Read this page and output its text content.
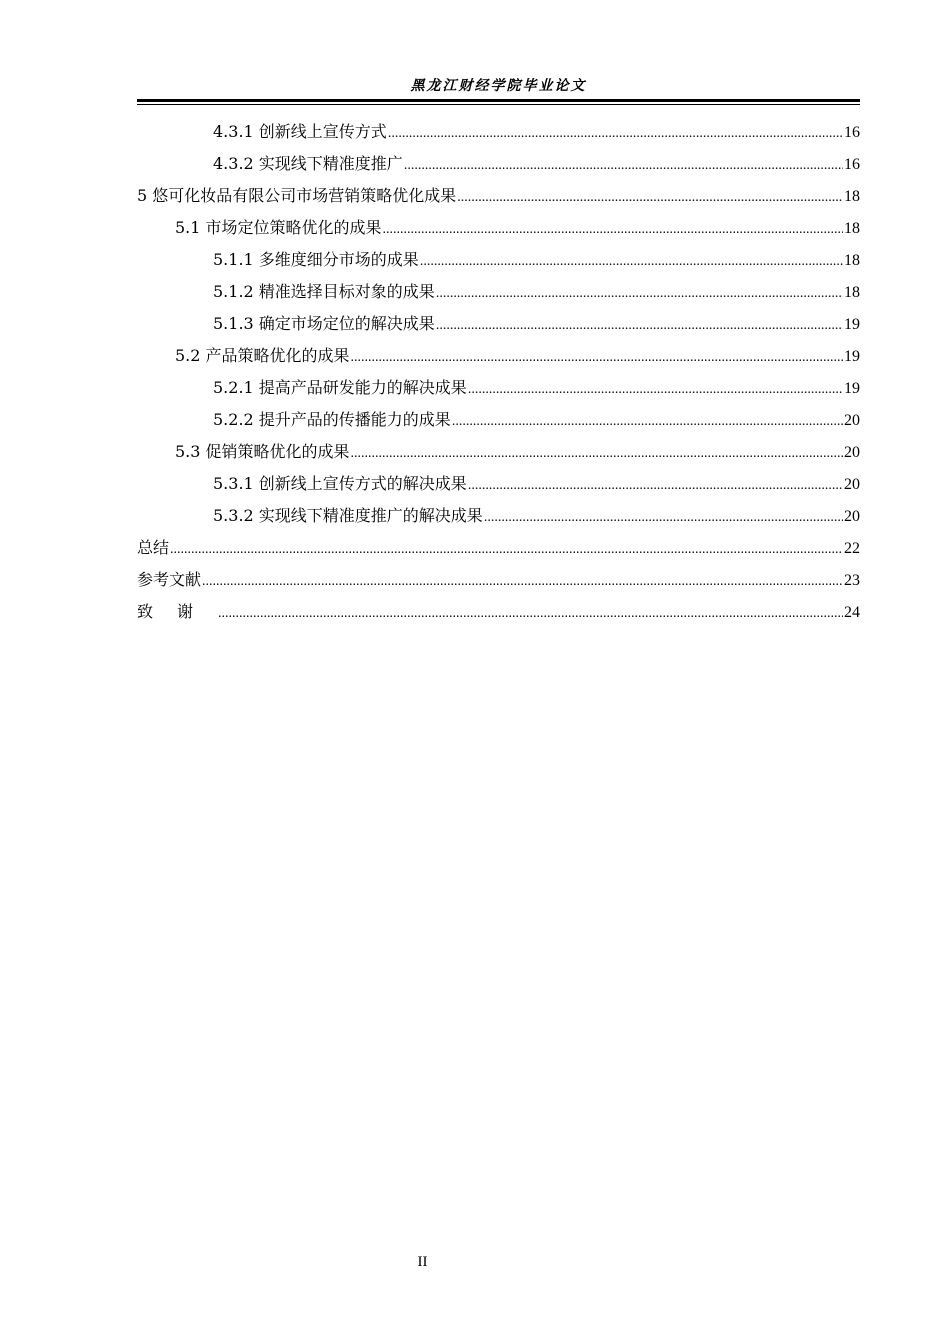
黑龙江财经学院毕业论文
4.3.1 创新线上宣传方式 .....	16
4.3.2 实现线下精准度推广 .....	16
5 悠可化妆品有限公司市场营销策略优化成果 .....	18
5.1 市场定位策略优化的成果 .....	18
5.1.1 多维度细分市场的成果 .....	18
5.1.2 精准选择目标对象的成果 .....	18
5.1.3 确定市场定位的解决成果 .....	19
5.2 产品策略优化的成果 .....	19
5.2.1 提高产品研发能力的解决成果 .....	19
5.2.2 提升产品的传播能力的成果 .....	20
5.3 促销策略优化的成果 .....	20
5.3.1 创新线上宣传方式的解决成果 .....	20
5.3.2 实现线下精准度推广的解决成果 .....	20
总结 .....	22
参考文献 .....	23
致谢 .....	24
II
